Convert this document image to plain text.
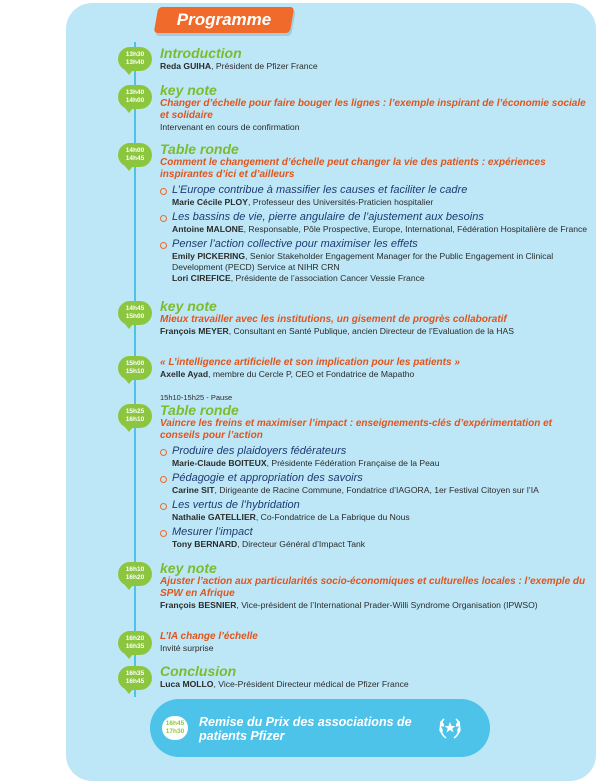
Programme
13h30
13h40

Introduction

Reda GUIHA, Président de Pfizer France

13h40
14h00

key note

Changer d’échelle pour faire bouger les lignes : l’exemple inspirant de l’économie sociale et solidaire

Intervenant en cours de confirmation

14h00
14h45

Table ronde

Comment le changement d’échelle peut changer la vie des patients : expériences inspirantes d’ici et d’ailleurs

L’Europe contribue à massifier les causes et faciliter le cadre

Marie Cécile PLOY, Professeur des Universités-Praticien hospitalier

Les bassins de vie, pierre angulaire de l’ajustement aux besoins

Antoine MALONE, Responsable, Pôle Prospective, Europe, International, Fédération Hospitalière de France

Penser l’action collective pour maximiser les effets

Emily PICKERING, Senior Stakeholder Engagement Manager for the Public Engagement in Clinical Development (PECD) Service at NIHR CRN

Lori CIREFICE, Présidente de l’association Cancer Vessie France

14h45
15h00

key note

Mieux travailler avec les institutions, un gisement de progrès collaboratif

François MEYER, Consultant en Santé Publique, ancien Directeur de l’Evaluation de la HAS

15h00
15h10

« L’intelligence artificielle et son implication pour les patients »

Axelle Ayad, membre du Cercle P, CEO et Fondatrice de Mapatho

15h10-15h25 - Pause
15h25
16h10

Table ronde

Vaincre les freins et maximiser l’impact : enseignements-clés d’expérimentation et conseils pour l’action

Produire des plaidoyers fédérateurs

Marie-Claude BOITEUX, Présidente Fédération Française de la Peau

Pédagogie et appropriation des savoirs

Carine SIT, Dirigeante de Racine Commune, Fondatrice d’IAGORA, 1er Festival Citoyen sur l’IA

Les vertus de l’hybridation

Nathalie GATELLIER, Co-Fondatrice de La Fabrique du Nous

Mesurer l’impact

Tony BERNARD, Directeur Général d’Impact Tank

16h10
16h20

key note

Ajuster l’action aux particularités socio-économiques et culturelles locales : l’exemple du SPW en Afrique

François BESNIER, Vice-président de l’International Prader-Willi Syndrome Organisation (IPWSO)

16h20
16h35

L’IA change l’échelle

Invité surprise

16h35
16h45

Conclusion

Luca MOLLO, Vice-Président Directeur médical de Pfizer France

16h45
17h30
Remise du Prix des associations de patients Pfizer
